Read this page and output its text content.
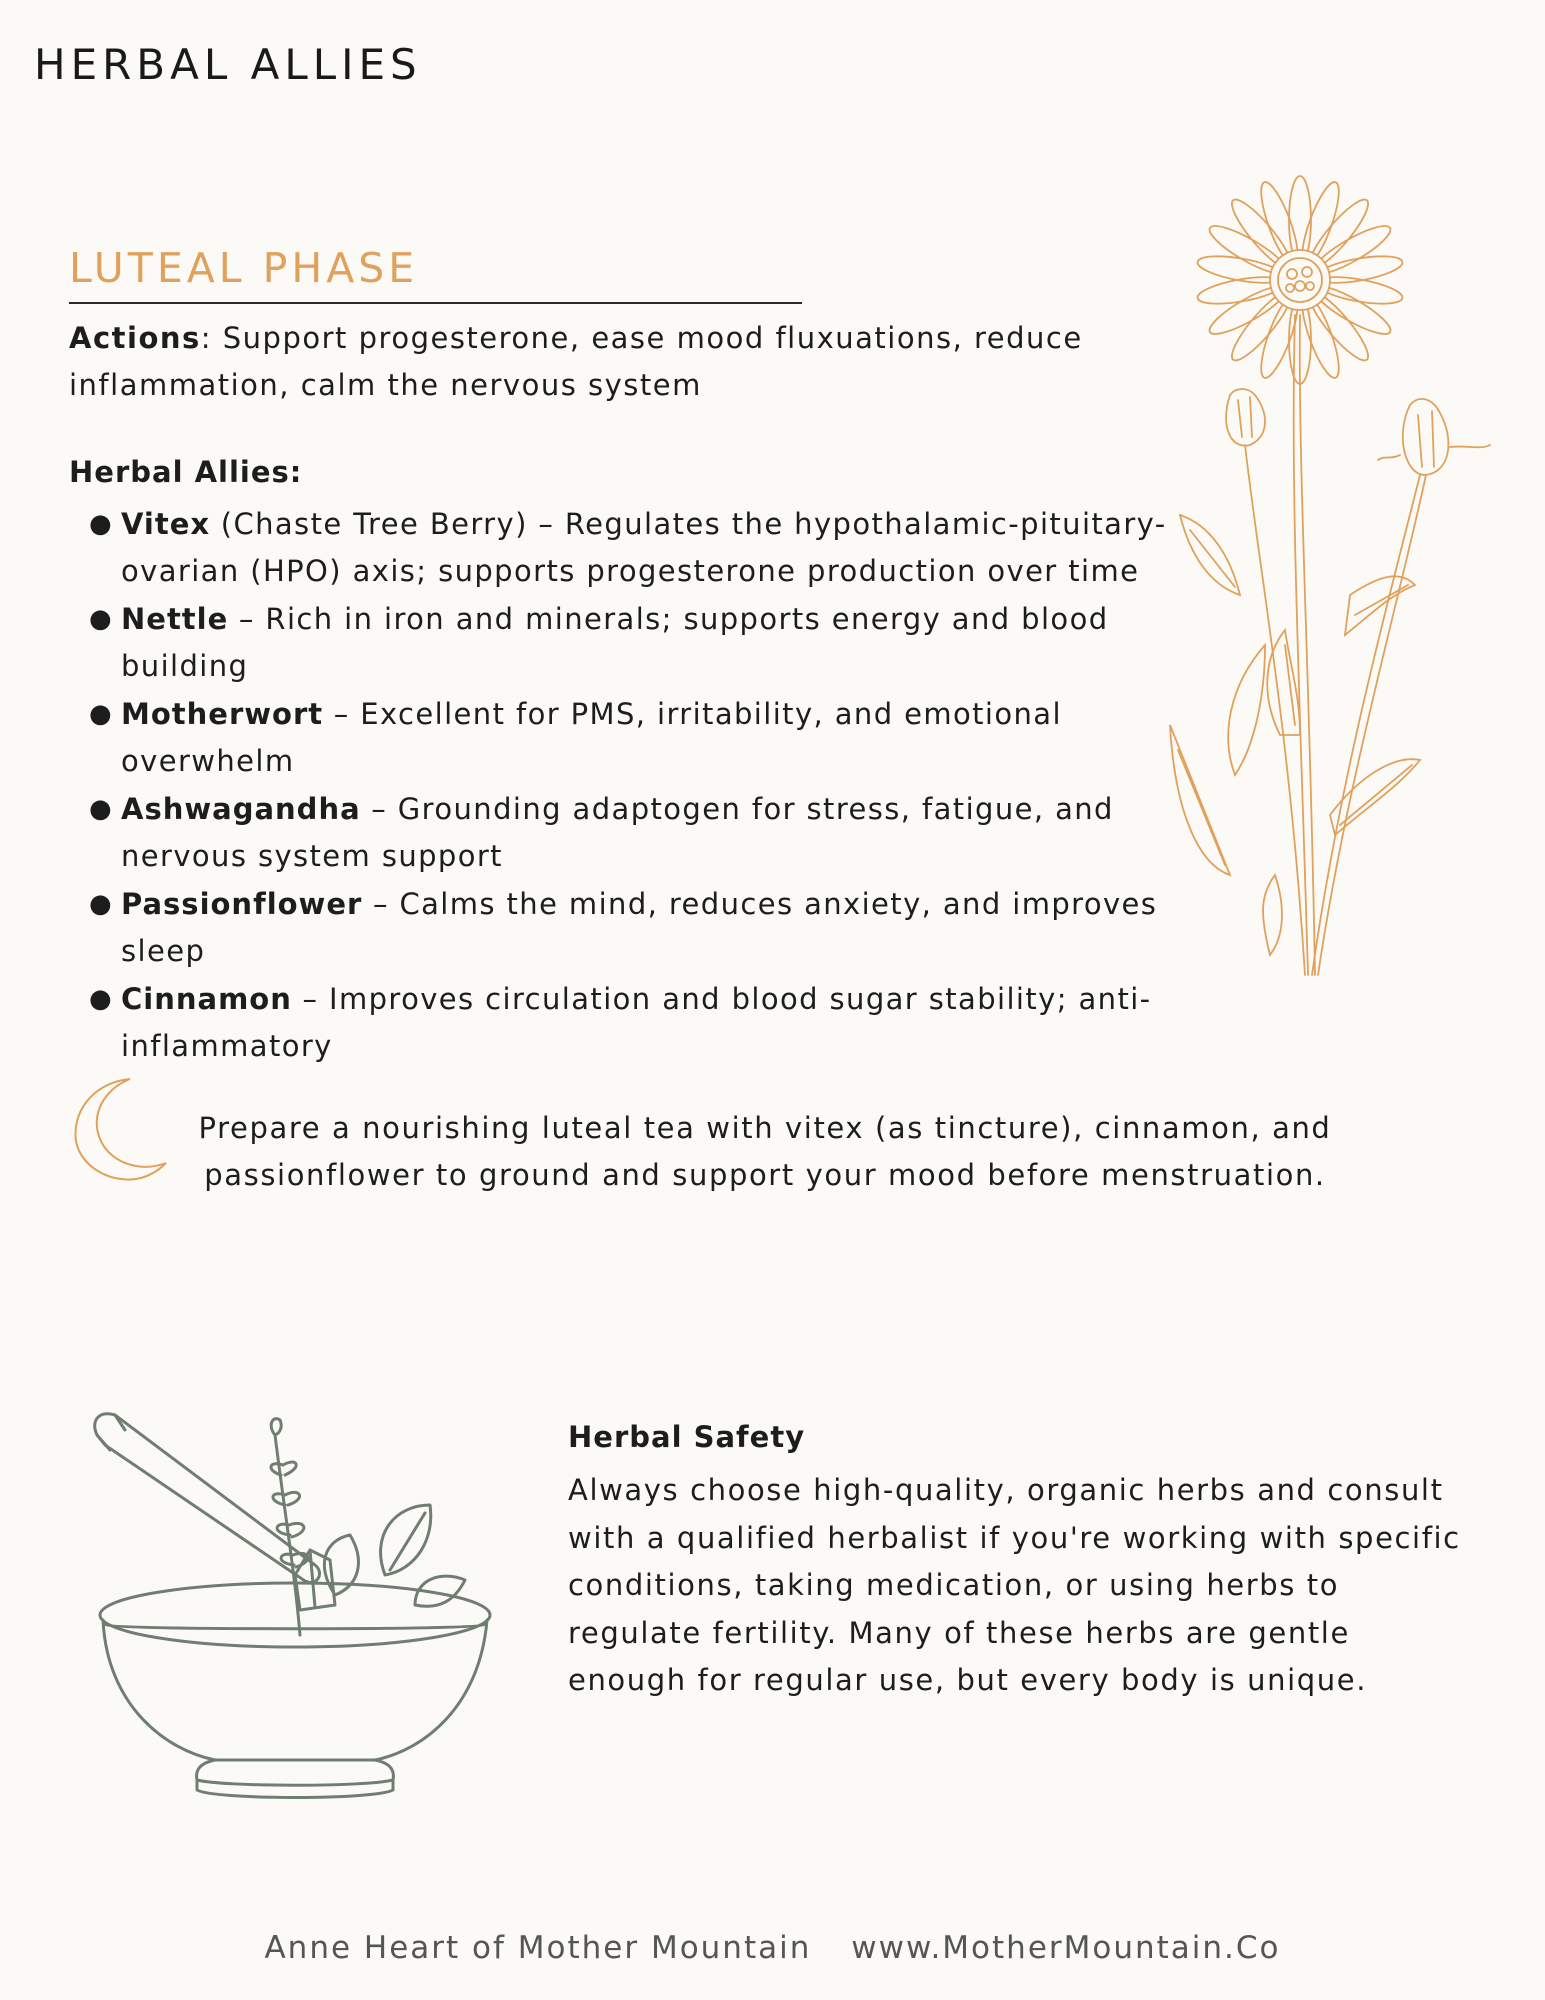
HERBAL ALLIES
LUTEAL PHASE

Actions: Support progesterone, ease mood fluxuations, reduce inflammation, calm the nervous system

Herbal Allies:

● Vitex (Chaste Tree Berry) – Regulates the hypothalamic-pituitary-ovarian (HPO) axis; supports progesterone production over time
● Nettle – Rich in iron and minerals; supports energy and blood building
● Motherwort – Excellent for PMS, irritability, and emotional overwhelm
● Ashwagandha – Grounding adaptogen for stress, fatigue, and nervous system support
● Passionflower – Calms the mind, reduces anxiety, and improves sleep
● Cinnamon – Improves circulation and blood sugar stability; anti-inflammatory

Prepare a nourishing luteal tea with vitex (as tincture), cinnamon, and passionflower to ground and support your mood before menstruation.

Herbal Safety

Always choose high-quality, organic herbs and consult with a qualified herbalist if you're working with specific conditions, taking medication, or using herbs to regulate fertility. Many of these herbs are gentle enough for regular use, but every body is unique.

Anne Heart of Mother Mountain www.MotherMountain.Co
